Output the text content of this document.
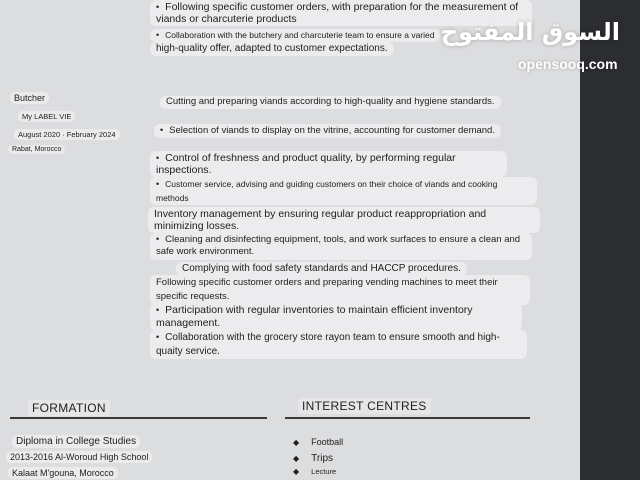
• Following specific customer orders, with preparation for the measurement of viands or charcuterie products
• Collaboration with the butchery and charcuterie team to ensure a varied
high-quality offer, adapted to customer expectations.
Butcher
My LABEL VIE
August 2020 · February 2024
Rabat, Morocco
Cutting and preparing viands according to high-quality and hygiene standards.
• Selection of viands to display on the vitrine, accounting for customer demand.
• Control of freshness and product quality, by performing regular inspections.
• Customer service, advising and guiding customers on their choice of viands and cooking methods
Inventory management by ensuring regular product reappropriation and minimizing losses.
• Cleaning and disinfecting equipment, tools, and work surfaces to ensure a clean and safe work environment.
Complying with food safety standards and HACCP procedures.
Following specific customer orders and preparing vending machines to meet their specific requests.
• Participation with regular inventories to maintain efficient inventory management.
• Collaboration with the grocery store rayon team to ensure smooth and high-quaity service.
FORMATION
Diploma in College Studies
2013-2016 Al-Woroud High School
Kalaat M'gouna, Morocco
INTEREST CENTRES
◆ Football
◆ Trips
◆ Lecture
السوق المفتوح
opensooq.com
